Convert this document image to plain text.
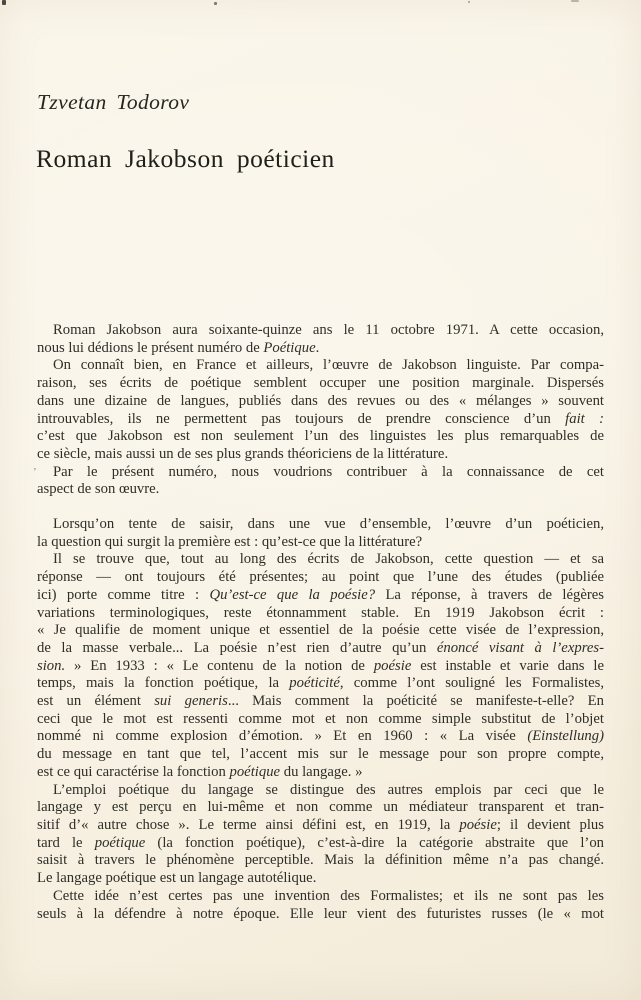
Tzvetan Todorov
Roman Jakobson poéticien
’
Roman Jakobson aura soixante-quinze ans le 11 octobre 1971. A cette occasion,
nous lui dédions le présent numéro de Poétique.
On connaît bien, en France et ailleurs, l’œuvre de Jakobson linguiste. Par compa-
raison, ses écrits de poétique semblent occuper une position marginale. Dispersés
dans une dizaine de langues, publiés dans des revues ou des « mélanges » souvent
introuvables, ils ne permettent pas toujours de prendre conscience d’un fait :
c’est que Jakobson est non seulement l’un des linguistes les plus remarquables de
ce siècle, mais aussi un de ses plus grands théoriciens de la littérature.
Par le présent numéro, nous voudrions contribuer à la connaissance de cet
aspect de son œuvre.
Lorsqu’on tente de saisir, dans une vue d’ensemble, l’œuvre d’un poéticien,
la question qui surgit la première est : qu’est-ce que la littérature?
Il se trouve que, tout au long des écrits de Jakobson, cette question — et sa
réponse — ont toujours été présentes; au point que l’une des études (publiée
ici) porte comme titre : Qu’est-ce que la poésie? La réponse, à travers de légères
variations terminologiques, reste étonnamment stable. En 1919 Jakobson écrit :
« Je qualifie de moment unique et essentiel de la poésie cette visée de l’expression,
de la masse verbale... La poésie n’est rien d’autre qu’un énoncé visant à l’expres-
sion. » En 1933 : « Le contenu de la notion de poésie est instable et varie dans le
temps, mais la fonction poétique, la poéticité, comme l’ont souligné les Formalistes,
est un élément sui generis... Mais comment la poéticité se manifeste-t-elle? En
ceci que le mot est ressenti comme mot et non comme simple substitut de l’objet
nommé ni comme explosion d’émotion. » Et en 1960 : « La visée (Einstellung)
du message en tant que tel, l’accent mis sur le message pour son propre compte,
est ce qui caractérise la fonction poétique du langage. »
L’emploi poétique du langage se distingue des autres emplois par ceci que le
langage y est perçu en lui-même et non comme un médiateur transparent et tran-
sitif d’« autre chose ». Le terme ainsi défini est, en 1919, la poésie; il devient plus
tard le poétique (la fonction poétique), c’est-à-dire la catégorie abstraite que l’on
saisit à travers le phénomène perceptible. Mais la définition même n’a pas changé.
Le langage poétique est un langage autotélique.
Cette idée n’est certes pas une invention des Formalistes; et ils ne sont pas les
seuls à la défendre à notre époque. Elle leur vient des futuristes russes (le « mot
